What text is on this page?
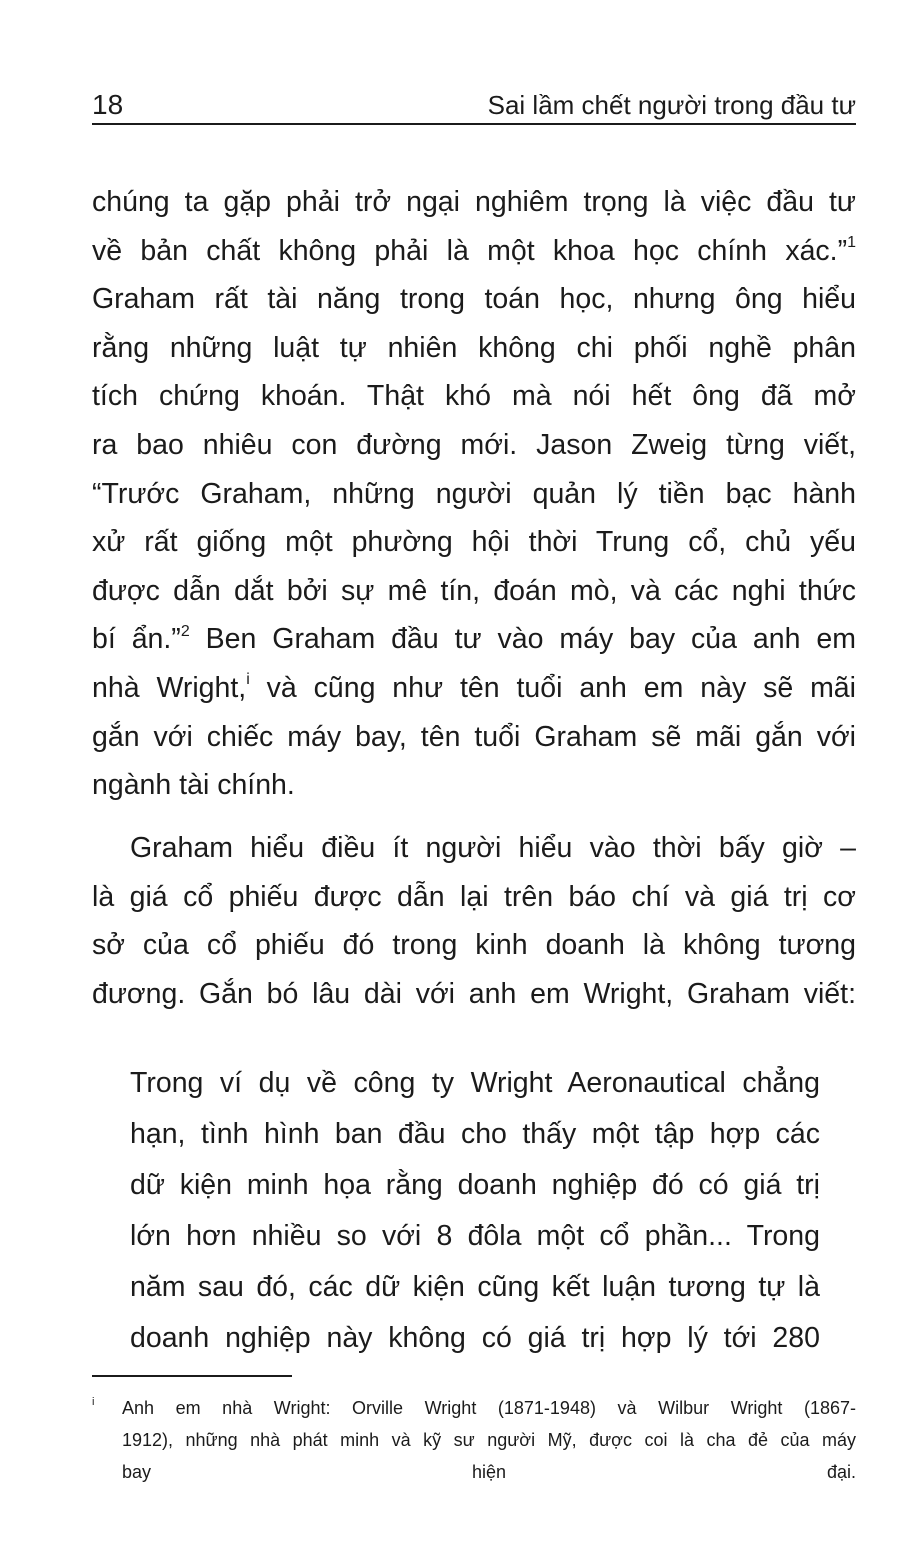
18	Sai lầm chết người trong đầu tư

chúng ta gặp phải trở ngại nghiêm trọng là việc đầu tư
về bản chất không phải là một khoa học chính xác.”$^1$
Graham rất tài năng trong toán học, nhưng ông hiểu
rằng những luật tự nhiên không chi phối nghề phân
tích chứng khoán. Thật khó mà nói hết ông đã mở
ra bao nhiêu con đường mới. Jason Zweig từng viết,
“Trước Graham, những người quản lý tiền bạc hành
xử rất giống một phường hội thời Trung cổ, chủ yếu
được dẫn dắt bởi sự mê tín, đoán mò, và các nghi thức
bí ẩn.”$^2$ Ben Graham đầu tư vào máy bay của anh em
nhà Wright,$^i$ và cũng như tên tuổi anh em này sẽ mãi
gắn với chiếc máy bay, tên tuổi Graham sẽ mãi gắn với
ngành tài chính.

Graham hiểu điều ít người hiểu vào thời bấy giờ –
là giá cổ phiếu được dẫn lại trên báo chí và giá trị cơ
sở của cổ phiếu đó trong kinh doanh là không tương
đương. Gắn bó lâu dài với anh em Wright, Graham viết:

Trong ví dụ về công ty Wright Aeronautical chẳng
hạn, tình hình ban đầu cho thấy một tập hợp các
dữ kiện minh họa rằng doanh nghiệp đó có giá trị
lớn hơn nhiều so với 8 đôla một cổ phần... Trong
năm sau đó, các dữ kiện cũng kết luận tương tự là
doanh nghiệp này không có giá trị hợp lý tới 280

i Anh em nhà Wright: Orville Wright (1871-1948) và Wilbur Wright (1867-
1912), những nhà phát minh và kỹ sư người Mỹ, được coi là cha đẻ của máy
bay hiện đại.
